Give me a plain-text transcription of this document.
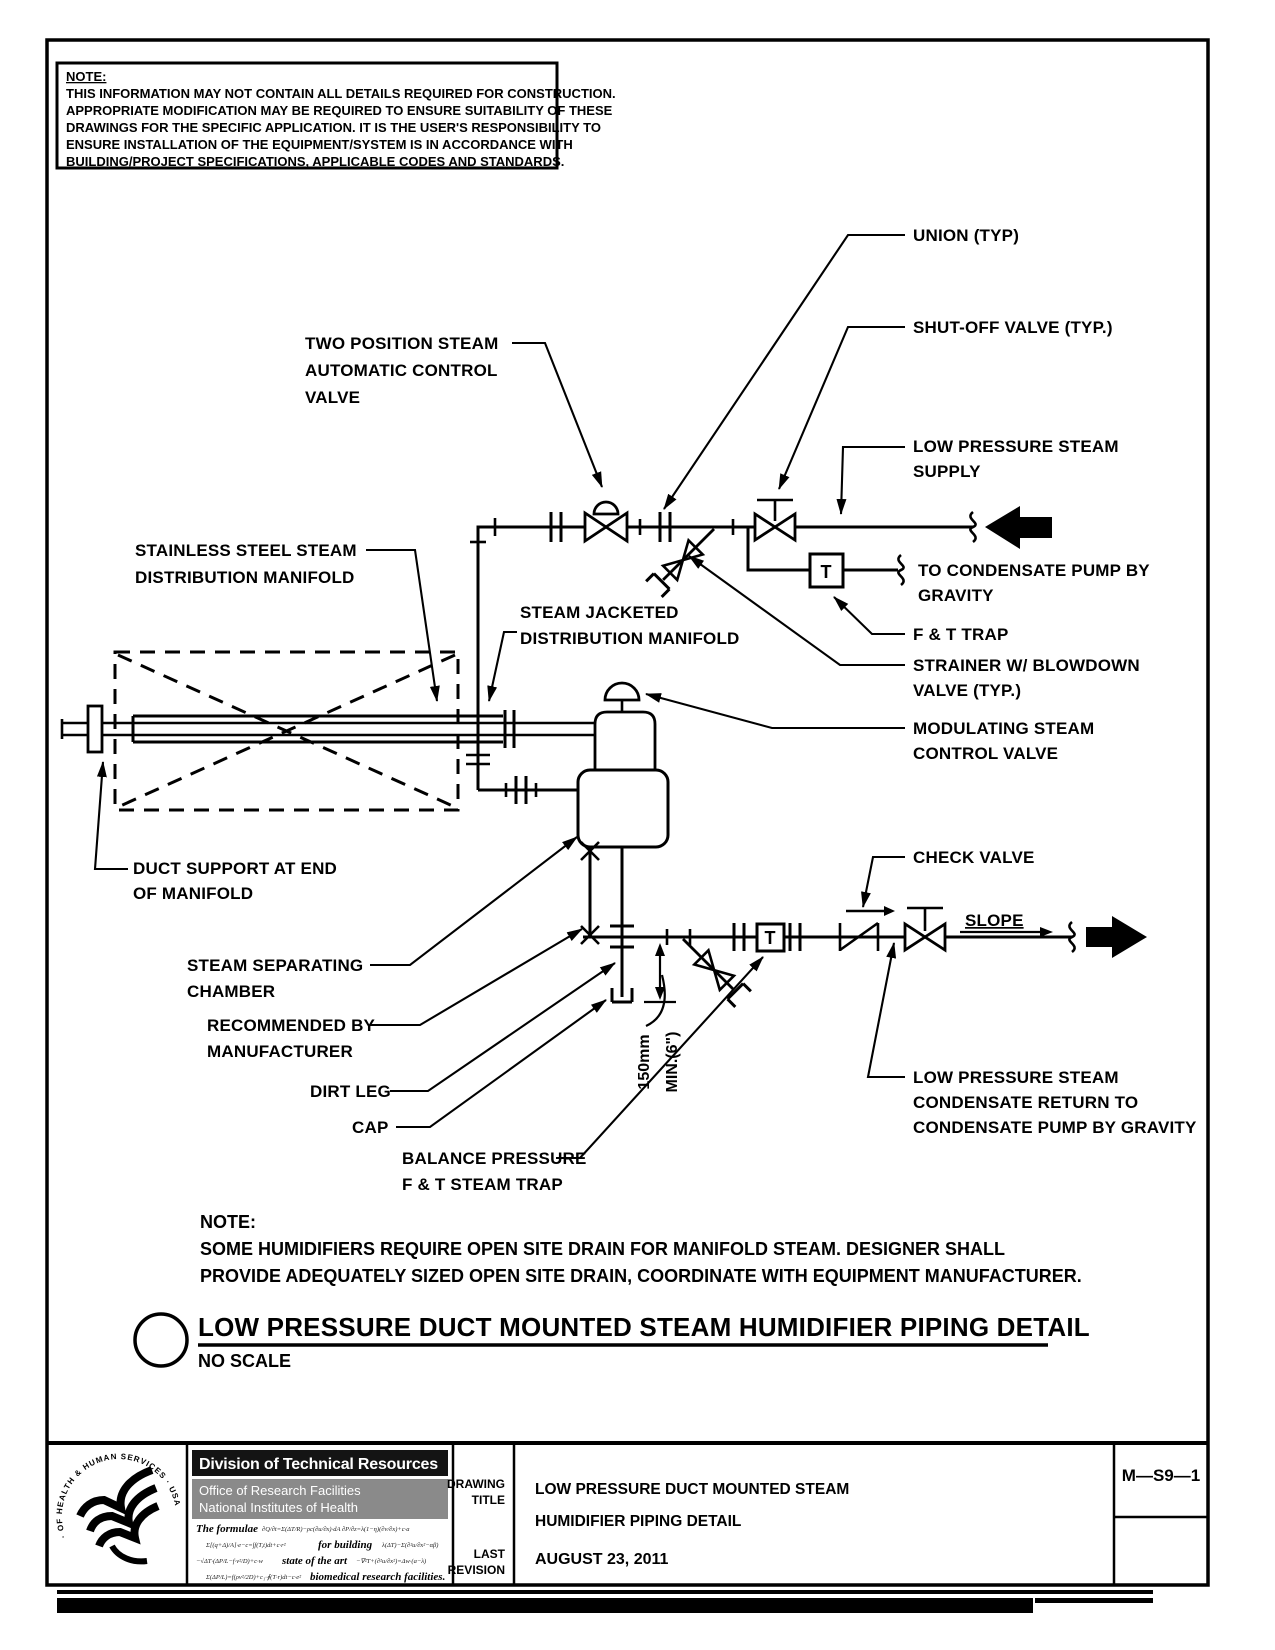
NOTE:
THIS INFORMATION MAY NOT CONTAIN ALL DETAILS REQUIRED FOR CONSTRUCTION.
APPROPRIATE MODIFICATION MAY BE REQUIRED TO ENSURE SUITABILITY OF THESE
DRAWINGS FOR THE SPECIFIC APPLICATION. IT IS THE USER'S RESPONSIBILITY TO
ENSURE INSTALLATION OF THE EQUIPMENT/SYSTEM IS IN ACCORDANCE WITH
BUILDING/PROJECT SPECIFICATIONS, APPLICABLE CODES AND STANDARDS.
T
T
150mm MIN.(6")
UNION (TYP)
SHUT-OFF VALVE (TYP.)
LOW PRESSURE STEAM
SUPPLY
TO CONDENSATE PUMP BY
GRAVITY
F & T TRAP
STRAINER W/ BLOWDOWN
VALVE (TYP.)
MODULATING STEAM
CONTROL VALVE
TWO POSITION STEAM
AUTOMATIC CONTROL
VALVE
STAINLESS STEEL STEAM
DISTRIBUTION MANIFOLD
STEAM JACKETED
DISTRIBUTION MANIFOLD
DUCT SUPPORT AT END
OF MANIFOLD
STEAM SEPARATING
CHAMBER
RECOMMENDED BY
MANUFACTURER
DIRT LEG
CAP
BALANCE PRESSURE
F & T STEAM TRAP
CHECK VALVE
SLOPE
LOW PRESSURE STEAM
CONDENSATE RETURN TO
CONDENSATE PUMP BY GRAVITY
NOTE:
SOME HUMIDIFIERS REQUIRE OPEN SITE DRAIN FOR MANIFOLD STEAM. DESIGNER SHALL
PROVIDE ADEQUATELY SIZED OPEN SITE DRAIN, COORDINATE WITH EQUIPMENT MANUFACTURER.
LOW PRESSURE DUCT MOUNTED STEAM HUMIDIFIER PIPING DETAIL
NO SCALE
· OF HEALTH & HUMAN SERVICES · USA
Division of Technical Resources
Office of Research Facilities
National Institutes of Health
The formulae ∂Q/∂t=Σ(ΔT/R)−ρc(∂u/∂x)·dA ∂P/∂z=λ(1−η)(∂v/∂x)+c·a
Σ[(q+Δ)/A]·e−c=∫f(T,t)dt+c·r²	for building λ(ΔT)−Σ(∂²u/∂x²−αβ)
−√ΔT·(ΔP/L−f·v²/D)+c·w state of the art −∇²T+(∂²u/∂x²)=Δw·(a−λ)
Σ(ΔP/L)=f(ρv²/2D)+c₁·∮(T·r)dt−c·e² biomedical research facilities.
DRAWING
TITLE
LOW PRESSURE DUCT MOUNTED STEAM
HUMIDIFIER PIPING DETAIL
LAST
REVISION
AUGUST 23, 2011
M—S9—1
